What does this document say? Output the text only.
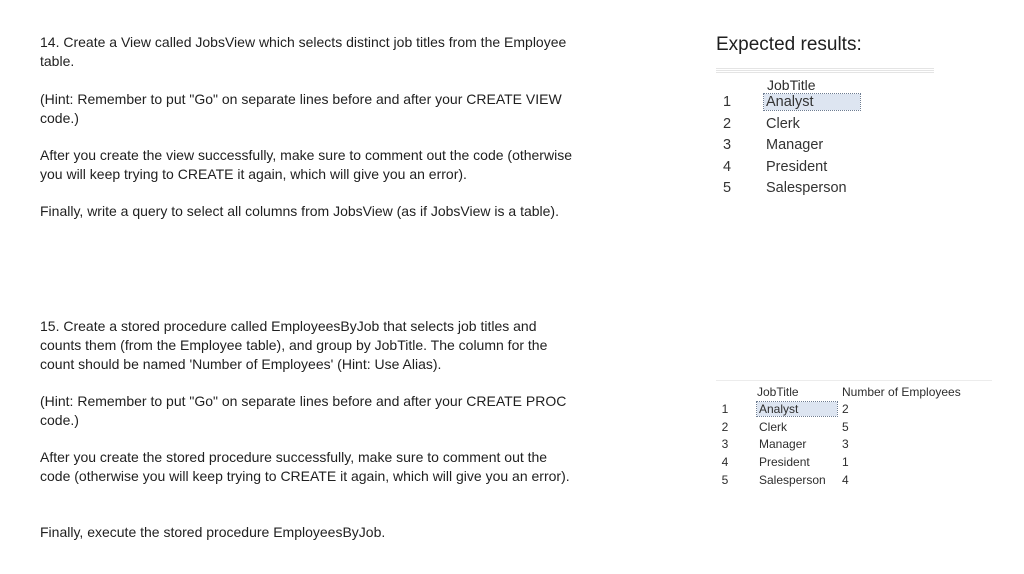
14. Create a View called JobsView which selects distinct job titles from the Employee table.

(Hint: Remember to put "Go" on separate lines before and after your CREATE VIEW code.)

After you create the view successfully, make sure to comment out the code (otherwise you will keep trying to CREATE it again, which will give you an error).

Finally, write a query to select all columns from JobsView (as if JobsView is a table).

15. Create a stored procedure called EmployeesByJob that selects job titles and counts them (from the Employee table), and group by JobTitle. The column for the count should be named 'Number of Employees' (Hint: Use Alias).

(Hint: Remember to put "Go" on separate lines before and after your CREATE PROC code.)

After you create the stored procedure successfully, make sure to comment out the code (otherwise you will keep trying to CREATE it again, which will give you an error).

Finally, execute the stored procedure EmployeesByJob.

Expected results:
JobTitle
1 Analyst
2 Clerk
3 Manager
4 President
5 Salesperson
JobTitle	Number of Employees
1	Analyst	2
2	Clerk	5
3	Manager	3
4	President	1
5	Salesperson 4
